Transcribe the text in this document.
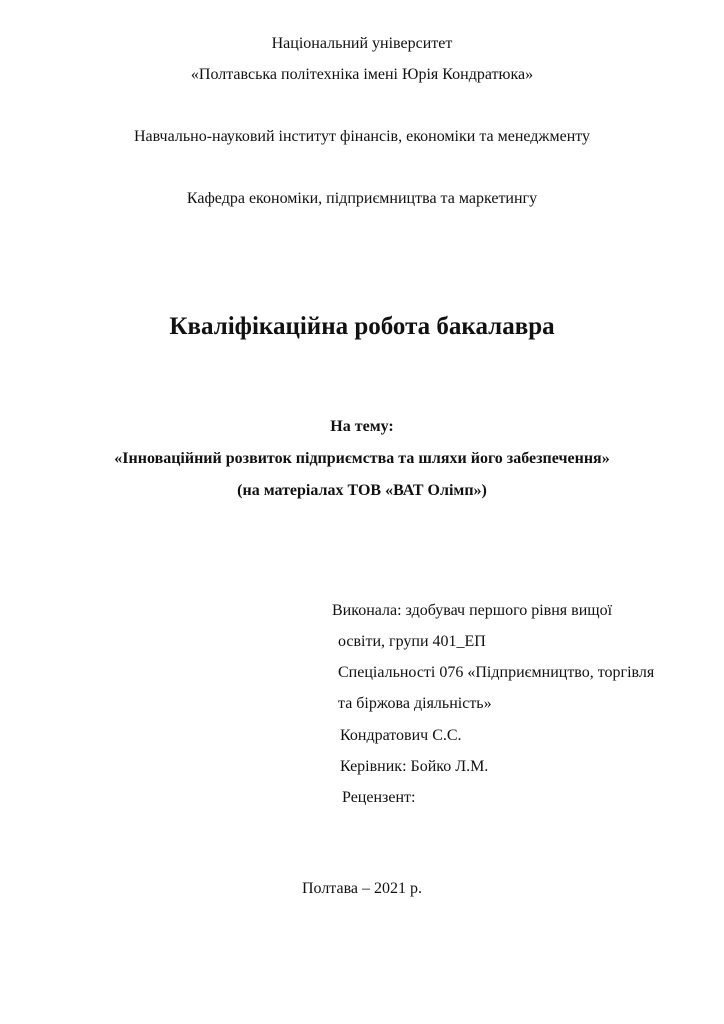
Національний університет
«Полтавська політехніка імені Юрія Кондратюка»
Навчально-науковий інститут фінансів, економіки та менеджменту
Кафедра економіки, підприємництва та маркетингу
Кваліфікаційна робота бакалавра
На тему:
«Інноваційний розвиток підприємства та шляхи його забезпечення»
(на матеріалах ТОВ «ВАТ Олімп»)
Виконала: здобувач першого рівня вищої
освіти, групи 401_ЕП
Спеціальності 076 «Підприємництво, торгівля
та біржова діяльність»
Кондратович С.С.
Керівник: Бойко Л.М.
Рецензент:
Полтава – 2021 р.
